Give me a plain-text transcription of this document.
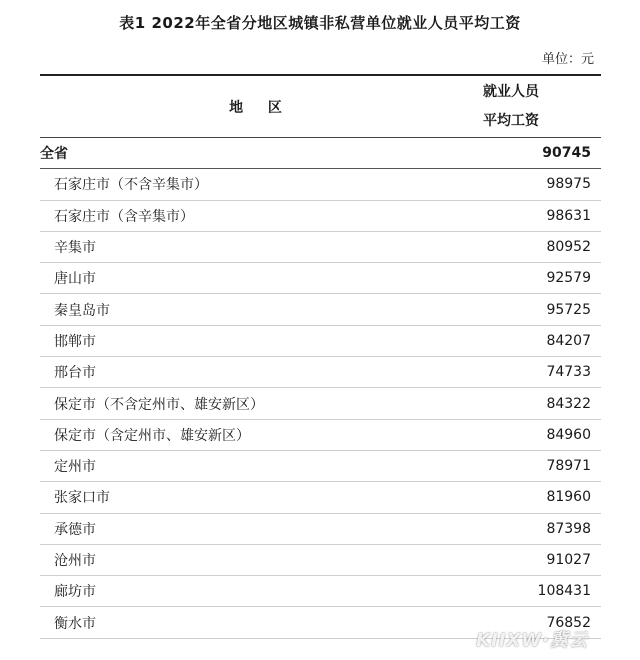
表1 2022年全省分地区城镇非私营单位就业人员平均工资
单位：元
地 区
就业人员
平均工资
全省	90745
石家庄市（不含辛集市）	98975
石家庄市（含辛集市）	98631
辛集市	80952
唐山市	92579
秦皇岛市	95725
邯郸市	84207
邢台市	74733
保定市（不含定州市、雄安新区）	84322
保定市（含定州市、雄安新区）	84960
定州市	78971
张家口市	81960
承德市	87398
沧州市	91027
廊坊市	108431
衡水市	76852
KIIXW·冀云
